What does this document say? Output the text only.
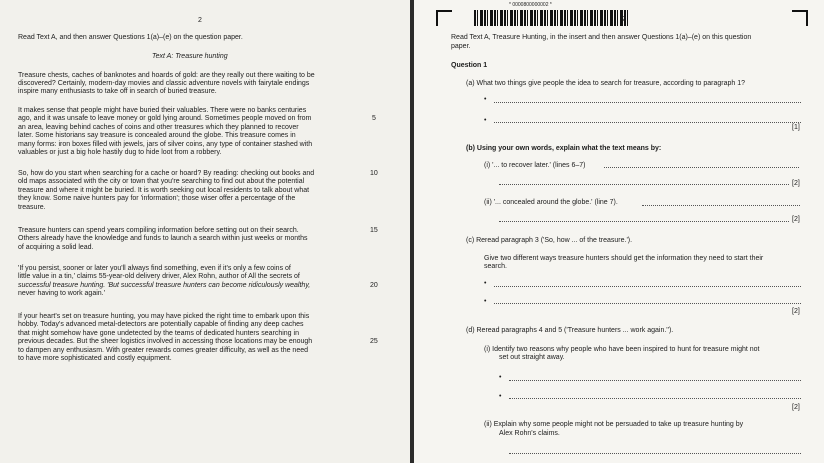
2
Read Text A, and then answer Questions 1(a)–(e) on the question paper.
Text A: Treasure hunting
Treasure chests, caches of banknotes and hoards of gold: are they really out there waiting to be
discovered? Certainly, modern-day movies and classic adventure novels with fairytale endings
inspire many enthusiasts to take off in search of buried treasure.
It makes sense that people might have buried their valuables. There were no banks centuries
ago, and it was unsafe to leave money or gold lying around. Sometimes people moved on from
an area, leaving behind caches of coins and other treasures which they planned to recover
later. Some historians say treasure is concealed around the globe. This treasure comes in
many forms: iron boxes filled with jewels, jars of silver coins, any type of container stashed with
valuables or just a big hole hastily dug to hide loot from a robbery.
So, how do you start when searching for a cache or hoard? By reading: checking out books and
old maps associated with the city or town that you're searching to find out about the potential
treasure and where it might be buried. It is worth seeking out local residents to talk about what
they know. Some naive hunters pay for 'information'; those wiser offer a percentage of the
treasure.
Treasure hunters can spend years compiling information before setting out on their search.
Others already have the knowledge and funds to launch a search within just weeks or months
of acquiring a solid lead.
'If you persist, sooner or later you'll always find something, even if it's only a few coins of
little value in a tin,' claims 55-year-old delivery driver, Alex Rohn, author of All the secrets of
successful treasure hunting. 'But successful treasure hunters can become ridiculously wealthy,
never having to work again.'
If your heart's set on treasure hunting, you may have picked the right time to embark upon this
hobby. Today's advanced metal-detectors are potentially capable of finding any deep caches
that might somehow have gone undetected by the teams of dedicated hunters searching in
previous decades. But the sheer logistics involved in accessing those locations may be enough
to dampen any enthusiasm. With greater rewards comes greater difficulty, as well as the need
to have more sophisticated and costly equipment.
5
10
15
20
25
* 0000800000002 *
2
Read Text A, Treasure Hunting, in the insert and then answer Questions 1(a)–(e) on this question
paper.
Question 1
(a) What two things give people the idea to search for treasure, according to paragraph 1?
•
•
[1]
(b) Using your own words, explain what the text means by:
(i) '... to recover later.' (lines 6–7)
[2]
(ii) '... concealed around the globe.' (line 7).
[2]
(c) Reread paragraph 3 ('So, how ... of the treasure.').
Give two different ways treasure hunters should get the information they need to start their
search.
•
•
[2]
(d) Reread paragraphs 4 and 5 ('Treasure hunters ... work again.'').
(i) Identify two reasons why people who have been inspired to hunt for treasure might not
set out straight away.
•
•
[2]
(ii) Explain why some people might not be persuaded to take up treasure hunting by
Alex Rohn's claims.
